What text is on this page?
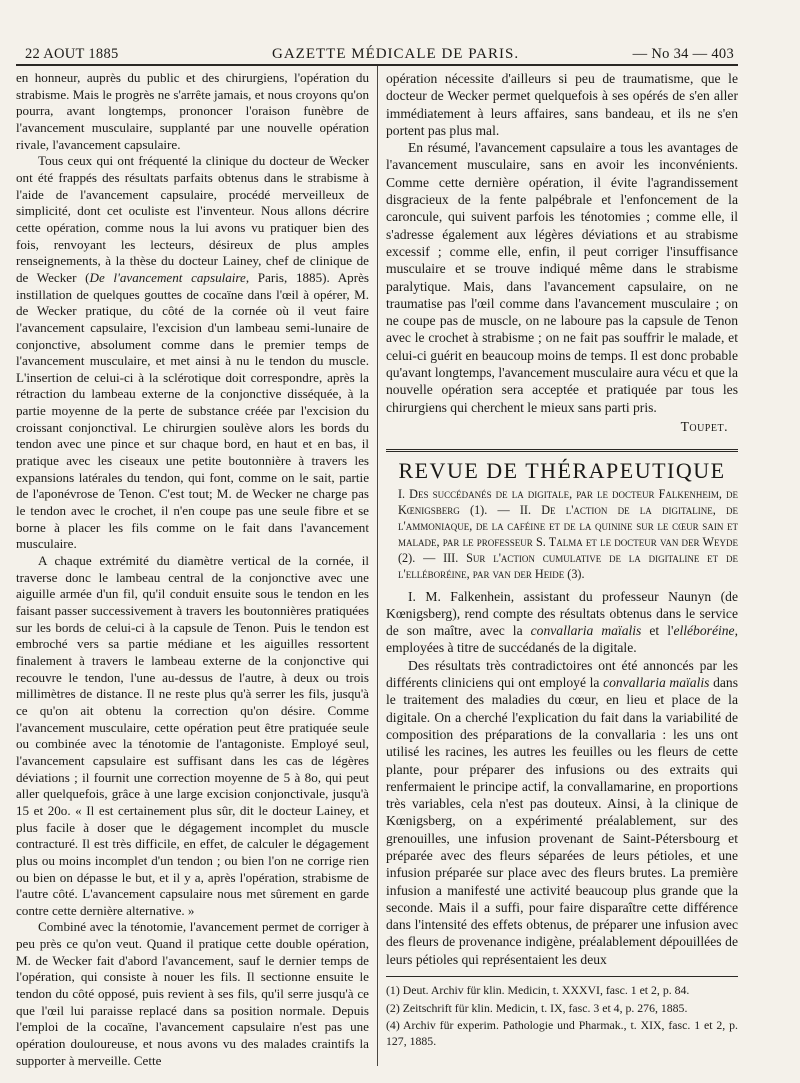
22 AOUT 1885	GAZETTE MÉDICALE DE PARIS.	— No 34 — 403

en honneur, auprès du public et des chirurgiens, l'opération du strabisme. Mais le progrès ne s'arrête jamais, et nous croyons qu'on pourra, avant longtemps, prononcer l'oraison funèbre de l'avancement musculaire, supplanté par une nouvelle opération rivale, l'avancement capsulaire.

Tous ceux qui ont fréquenté la clinique du docteur de Wecker ont été frappés des résultats parfaits obtenus dans le strabisme à l'aide de l'avancement capsulaire, procédé merveilleux de simplicité, dont cet oculiste est l'inventeur. Nous allons décrire cette opération, comme nous la lui avons vu pratiquer bien des fois, renvoyant les lecteurs, désireux de plus amples renseignements, à la thèse du docteur Lainey, chef de clinique de de Wecker (De l'avancement capsulaire, Paris, 1885). Après instillation de quelques gouttes de cocaïne dans l'œil à opérer, M. de Wecker pratique, du côté de la cornée où il veut faire l'avancement capsulaire, l'excision d'un lambeau semi-lunaire de conjonctive, absolument comme dans le premier temps de l'avancement musculaire, et met ainsi à nu le tendon du muscle. L'insertion de celui-ci à la sclérotique doit correspondre, après la rétraction du lambeau externe de la conjonctive disséquée, à la partie moyenne de la perte de substance créée par l'excision du croissant conjonctival. Le chirurgien soulève alors les bords du tendon avec une pince et sur chaque bord, en haut et en bas, il pratique avec les ciseaux une petite boutonnière à travers les expansions latérales du tendon, qui font, comme on le sait, partie de l'aponévrose de Tenon. C'est tout; M. de Wecker ne charge pas le tendon avec le crochet, il n'en coupe pas une seule fibre et se borne à placer les fils comme on le fait dans l'avancement musculaire.

A chaque extrémité du diamètre vertical de la cornée, il traverse donc le lambeau central de la conjonctive avec une aiguille armée d'un fil, qu'il conduit ensuite sous le tendon en les faisant passer successivement à travers les boutonnières pratiquées sur les bords de celui-ci à la capsule de Tenon. Puis le tendon est embroché vers sa partie médiane et les aiguilles ressortent finalement à travers le lambeau externe de la conjonctive qui recouvre le tendon, l'une au-dessus de l'autre, à deux ou trois millimètres de distance. Il ne reste plus qu'à serrer les fils, jusqu'à ce qu'on ait obtenu la correction qu'on désire. Comme l'avancement musculaire, cette opération peut être pratiquée seule ou combinée avec la ténotomie de l'antagoniste. Employé seul, l'avancement capsulaire est suffisant dans les cas de légères déviations ; il fournit une correction moyenne de 5 à 8o, qui peut aller quelquefois, grâce à une large excision conjonctivale, jusqu'à 15 et 20o. « Il est certainement plus sûr, dit le docteur Lainey, et plus facile à doser que le dégagement incomplet du muscle contracturé. Il est très difficile, en effet, de calculer le dégagement plus ou moins incomplet d'un tendon ; ou bien l'on ne corrige rien ou bien on dépasse le but, et il y a, après l'opération, strabisme de l'autre côté. L'avancement capsulaire nous met sûrement en garde contre cette dernière alternative. »

Combiné avec la ténotomie, l'avancement permet de corriger à peu près ce qu'on veut. Quand il pratique cette double opération, M. de Wecker fait d'abord l'avancement, sauf le dernier temps de l'opération, qui consiste à nouer les fils. Il sectionne ensuite le tendon du côté opposé, puis revient à ses fils, qu'il serre jusqu'à ce que l'œil lui paraisse replacé dans sa position normale. Depuis l'emploi de la cocaïne, l'avancement capsulaire n'est pas une opération douloureuse, et nous avons vu des malades craintifs la supporter à merveille. Cette

opération nécessite d'ailleurs si peu de traumatisme, que le docteur de Wecker permet quelquefois à ses opérés de s'en aller immédiatement à leurs affaires, sans bandeau, et ils ne s'en portent pas plus mal.

En résumé, l'avancement capsulaire a tous les avantages de l'avancement musculaire, sans en avoir les inconvénients. Comme cette dernière opération, il évite l'agrandissement disgracieux de la fente palpébrale et l'enfoncement de la caroncule, qui suivent parfois les ténotomies ; comme elle, il s'adresse également aux légères déviations et au strabisme excessif ; comme elle, enfin, il peut corriger l'insuffisance musculaire et se trouve indiqué même dans le strabisme paralytique. Mais, dans l'avancement capsulaire, on ne traumatise pas l'œil comme dans l'avancement musculaire ; on ne coupe pas de muscle, on ne laboure pas la capsule de Tenon avec le crochet à strabisme ; on ne fait pas souffrir le malade, et celui-ci guérit en beaucoup moins de temps. Il est donc probable qu'avant longtemps, l'avancement musculaire aura vécu et que la nouvelle opération sera acceptée et pratiquée par tous les chirurgiens qui cherchent le mieux sans parti pris.

Toupet.

REVUE DE THÉRAPEUTIQUE

I. Des succédanés de la digitale, par le docteur Falkenheim, de Kœnigsberg (1). — II. De l'action de la digitaline, de l'ammoniaque, de la caféine et de la quinine sur le cœur sain et malade, par le professeur S. Talma et le docteur van der Weyde (2). — III. Sur l'action cumulative de la digitaline et de l'elléboréine, par van der Heide (3).

I. M. Falkenhein, assistant du professeur Naunyn (de Kœnigsberg), rend compte des résultats obtenus dans le service de son maître, avec la convallaria maïalis et l'elléboréine, employées à titre de succédanés de la digitale.

Des résultats très contradictoires ont été annoncés par les différents cliniciens qui ont employé la convallaria maïalis dans le traitement des maladies du cœur, en lieu et place de la digitale. On a cherché l'explication du fait dans la variabilité de composition des préparations de la convallaria : les uns ont utilisé les racines, les autres les feuilles ou les fleurs de cette plante, pour préparer des infusions ou des extraits qui renfermaient le principe actif, la convallamarine, en proportions très variables, cela n'est pas douteux. Ainsi, à la clinique de Kœnigsberg, on a expérimenté préalablement, sur des grenouilles, une infusion provenant de Saint-Pétersbourg et préparée avec des fleurs séparées de leurs pétioles, et une infusion préparée sur place avec des fleurs brutes. La première infusion a manifesté une activité beaucoup plus grande que la seconde. Mais il a suffi, pour faire disparaître cette différence dans l'intensité des effets obtenus, de préparer une infusion avec des fleurs de provenance indigène, préalablement dépouillées de leurs pétioles qui représentaient les deux

(1) Deut. Archiv für klin. Medicin, t. XXXVI, fasc. 1 et 2, p. 84.

(2) Zeitschrift für klin. Medicin, t. IX, fasc. 3 et 4, p. 276, 1885.

(4) Archiv für experim. Pathologie und Pharmak., t. XIX, fasc. 1 et 2, p. 127, 1885.
